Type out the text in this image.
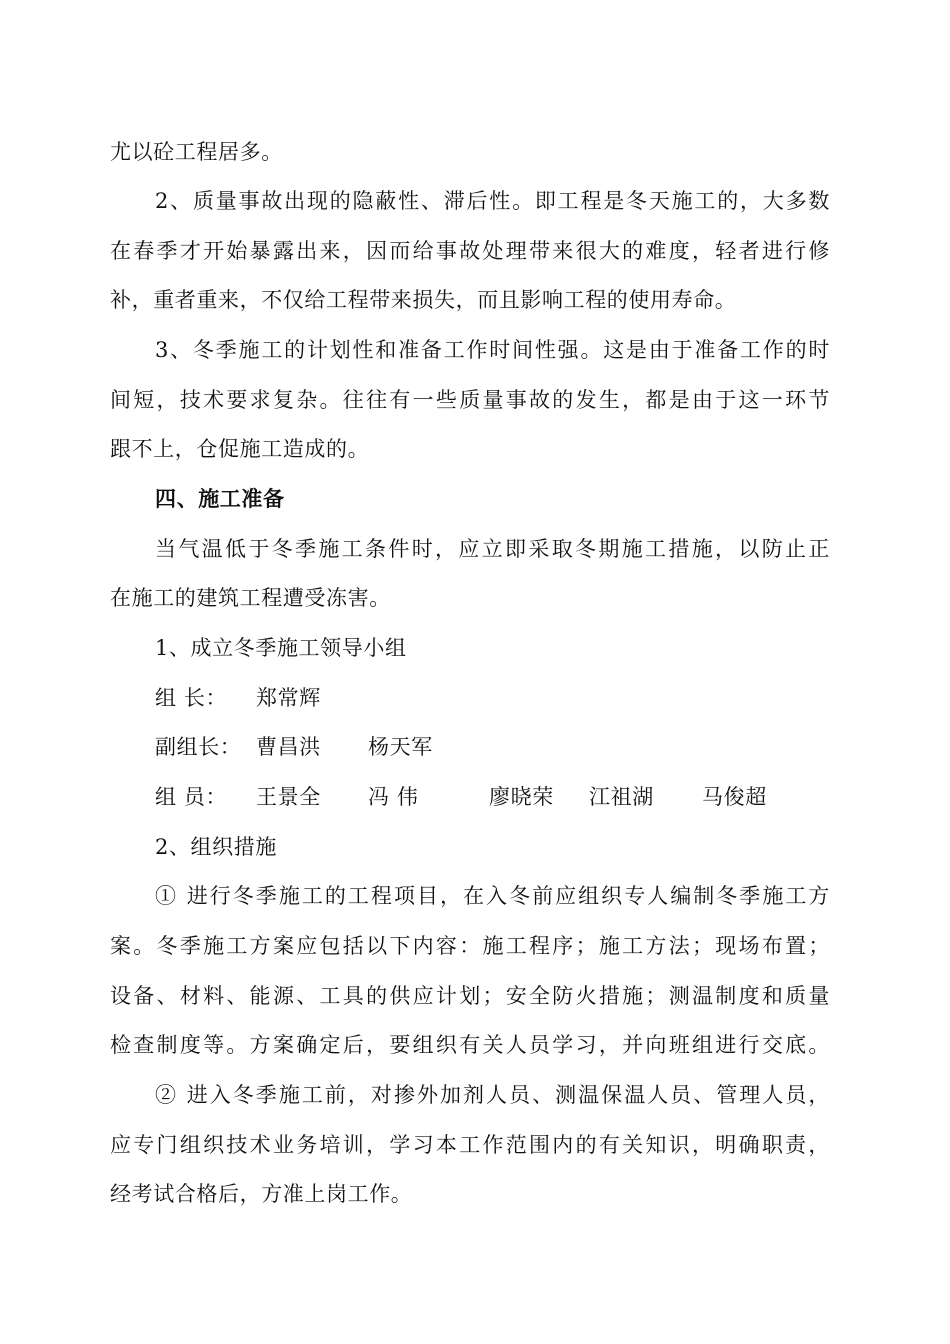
尤以砼工程居多。
2、质量事故出现的隐蔽性、滞后性。即工程是冬天施工的，大多数
在春季才开始暴露出来，因而给事故处理带来很大的难度，轻者进行修
补，重者重来，不仅给工程带来损失，而且影响工程的使用寿命。
3、冬季施工的计划性和准备工作时间性强。这是由于准备工作的时
间短，技术要求复杂。往往有一些质量事故的发生，都是由于这一环节
跟不上，仓促施工造成的。
四、施工准备
当气温低于冬季施工条件时，应立即采取冬期施工措施，以防止正
在施工的建筑工程遭受冻害。
1、成立冬季施工领导小组
组 长： 郑常辉
副组长： 曹昌洪 杨天军
组 员： 王景全 冯 伟	廖晓荣 江祖湖 马俊超
2、组织措施
① 进行冬季施工的工程项目，在入冬前应组织专人编制冬季施工方
案。冬季施工方案应包括以下内容：施工程序；施工方法；现场布置；
设备、材料、能源、工具的供应计划；安全防火措施；测温制度和质量
检查制度等。方案确定后，要组织有关人员学习，并向班组进行交底。
② 进入冬季施工前，对掺外加剂人员、测温保温人员、管理人员，
应专门组织技术业务培训，学习本工作范围内的有关知识，明确职责，
经考试合格后，方准上岗工作。
